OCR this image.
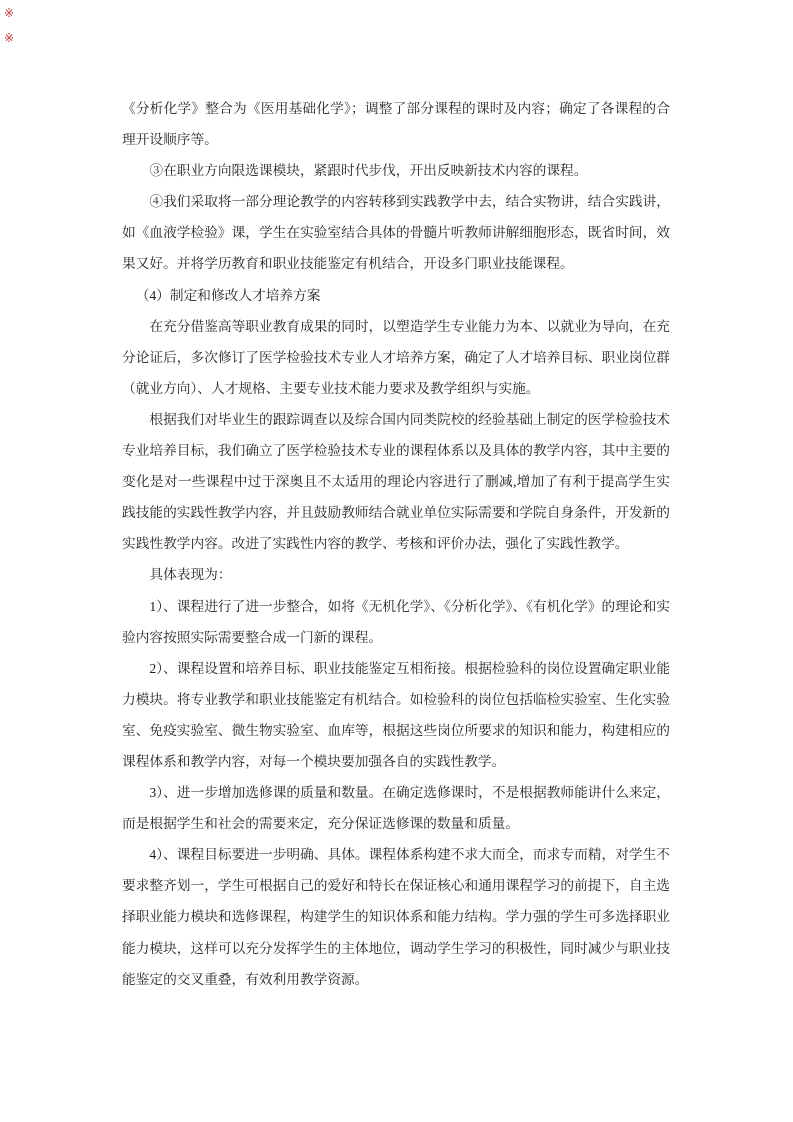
※
※

《分析化学》整合为《医用基础化学》；调整了部分课程的课时及内容；确定了各课程的合理开设顺序等。

③在职业方向限选课模块，紧跟时代步伐，开出反映新技术内容的课程。

④我们采取将一部分理论教学的内容转移到实践教学中去，结合实物讲，结合实践讲，如《血液学检验》课，学生在实验室结合具体的骨髓片听教师讲解细胞形态，既省时间，效果又好。并将学历教育和职业技能鉴定有机结合，开设多门职业技能课程。

（4）制定和修改人才培养方案

在充分借鉴高等职业教育成果的同时，以塑造学生专业能力为本、以就业为导向，在充分论证后，多次修订了医学检验技术专业人才培养方案，确定了人才培养目标、职业岗位群（就业方向）、人才规格、主要专业技术能力要求及教学组织与实施。

根据我们对毕业生的跟踪调查以及综合国内同类院校的经验基础上制定的医学检验技术专业培养目标，我们确立了医学检验技术专业的课程体系以及具体的教学内容，其中主要的变化是对一些课程中过于深奥且不太适用的理论内容进行了删减,增加了有利于提高学生实践技能的实践性教学内容，并且鼓励教师结合就业单位实际需要和学院自身条件，开发新的实践性教学内容。改进了实践性内容的教学、考核和评价办法，强化了实践性教学。

具体表现为：

1）、课程进行了进一步整合，如将《无机化学》、《分析化学》、《有机化学》的理论和实验内容按照实际需要整合成一门新的课程。

2）、课程设置和培养目标、职业技能鉴定互相衔接。根据检验科的岗位设置确定职业能力模块。将专业教学和职业技能鉴定有机结合。如检验科的岗位包括临检实验室、生化实验室、免疫实验室、微生物实验室、血库等，根据这些岗位所要求的知识和能力，构建相应的课程体系和教学内容，对每一个模块要加强各自的实践性教学。

3）、进一步增加选修课的质量和数量。在确定选修课时，不是根据教师能讲什么来定，而是根据学生和社会的需要来定，充分保证选修课的数量和质量。

4）、课程目标要进一步明确、具体。课程体系构建不求大而全，而求专而精，对学生不要求整齐划一，学生可根据自己的爱好和特长在保证核心和通用课程学习的前提下，自主选择职业能力模块和选修课程，构建学生的知识体系和能力结构。学力强的学生可多选择职业能力模块，这样可以充分发挥学生的主体地位，调动学生学习的积极性，同时减少与职业技能鉴定的交叉重叠，有效利用教学资源。
